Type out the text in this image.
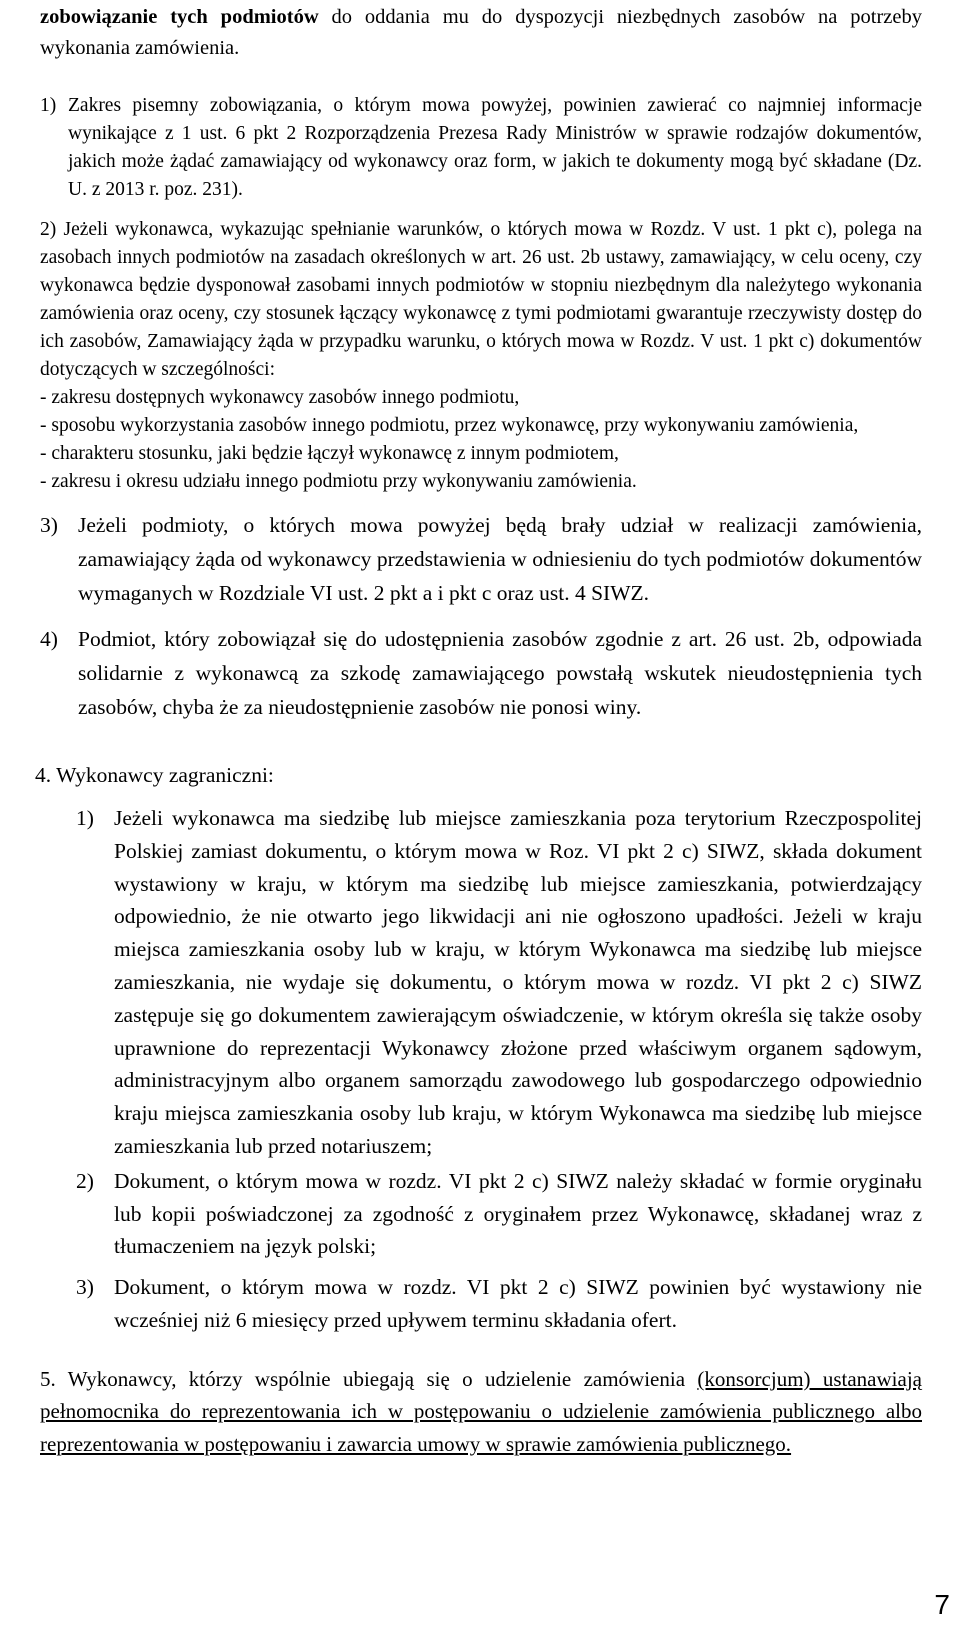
zobowiązanie tych podmiotów do oddania mu do dyspozycji niezbędnych zasobów na potrzeby wykonania zamówienia.

1) Zakres pisemny zobowiązania, o którym mowa powyżej, powinien zawierać co najmniej informacje wynikające z 1 ust. 6 pkt 2 Rozporządzenia Prezesa Rady Ministrów w sprawie rodzajów dokumentów, jakich może żądać zamawiający od wykonawcy oraz form, w jakich te dokumenty mogą być składane (Dz. U. z 2013 r. poz. 231).

2) Jeżeli wykonawca, wykazując spełnianie warunków, o których mowa w Rozdz. V ust. 1 pkt c), polega na zasobach innych podmiotów na zasadach określonych w art. 26 ust. 2b ustawy, zamawiający, w celu oceny, czy wykonawca będzie dysponował zasobami innych podmiotów w stopniu niezbędnym dla należytego wykonania zamówienia oraz oceny, czy stosunek łączący wykonawcę z tymi podmiotami gwarantuje rzeczywisty dostęp do ich zasobów, Zamawiający żąda w przypadku warunku, o których mowa w Rozdz. V ust. 1 pkt c) dokumentów dotyczących w szczególności:

- zakresu dostępnych wykonawcy zasobów innego podmiotu,

- sposobu wykorzystania zasobów innego podmiotu, przez wykonawcę, przy wykonywaniu zamówienia,

- charakteru stosunku, jaki będzie łączył wykonawcę z innym podmiotem,

- zakresu i okresu udziału innego podmiotu przy wykonywaniu zamówienia.

3) Jeżeli podmioty, o których mowa powyżej będą brały udział w realizacji zamówienia, zamawiający żąda od wykonawcy przedstawienia w odniesieniu do tych podmiotów dokumentów wymaganych w Rozdziale VI ust. 2 pkt a i pkt c oraz ust. 4 SIWZ.

4) Podmiot, który zobowiązał się do udostępnienia zasobów zgodnie z art. 26 ust. 2b, odpowiada solidarnie z wykonawcą za szkodę zamawiającego powstałą wskutek nieudostępnienia tych zasobów, chyba że za nieudostępnienie zasobów nie ponosi winy.

4. Wykonawcy zagraniczni:

1) Jeżeli wykonawca ma siedzibę lub miejsce zamieszkania poza terytorium Rzeczpospolitej Polskiej zamiast dokumentu, o którym mowa w Roz. VI pkt 2 c) SIWZ, składa dokument wystawiony w kraju, w którym ma siedzibę lub miejsce zamieszkania, potwierdzający odpowiednio, że nie otwarto jego likwidacji ani nie ogłoszono upadłości. Jeżeli w kraju miejsca zamieszkania osoby lub w kraju, w którym Wykonawca ma siedzibę lub miejsce zamieszkania, nie wydaje się dokumentu, o którym mowa w rozdz. VI pkt 2 c) SIWZ zastępuje się go dokumentem zawierającym oświadczenie, w którym określa się także osoby uprawnione do reprezentacji Wykonawcy złożone przed właściwym organem sądowym, administracyjnym albo organem samorządu zawodowego lub gospodarczego odpowiednio kraju miejsca zamieszkania osoby lub kraju, w którym Wykonawca ma siedzibę lub miejsce zamieszkania lub przed notariuszem;

2) Dokument, o którym mowa w rozdz. VI pkt 2 c) SIWZ należy składać w formie oryginału lub kopii poświadczonej za zgodność z oryginałem przez Wykonawcę, składanej wraz z tłumaczeniem na język polski;

3) Dokument, o którym mowa w rozdz. VI pkt 2 c) SIWZ powinien być wystawiony nie wcześniej niż 6 miesięcy przed upływem terminu składania ofert.

5. Wykonawcy, którzy wspólnie ubiegają się o udzielenie zamówienia (konsorcjum) ustanawiają pełnomocnika do reprezentowania ich w postępowaniu o udzielenie zamówienia publicznego albo reprezentowania w postępowaniu i zawarcia umowy w sprawie zamówienia publicznego.

7
